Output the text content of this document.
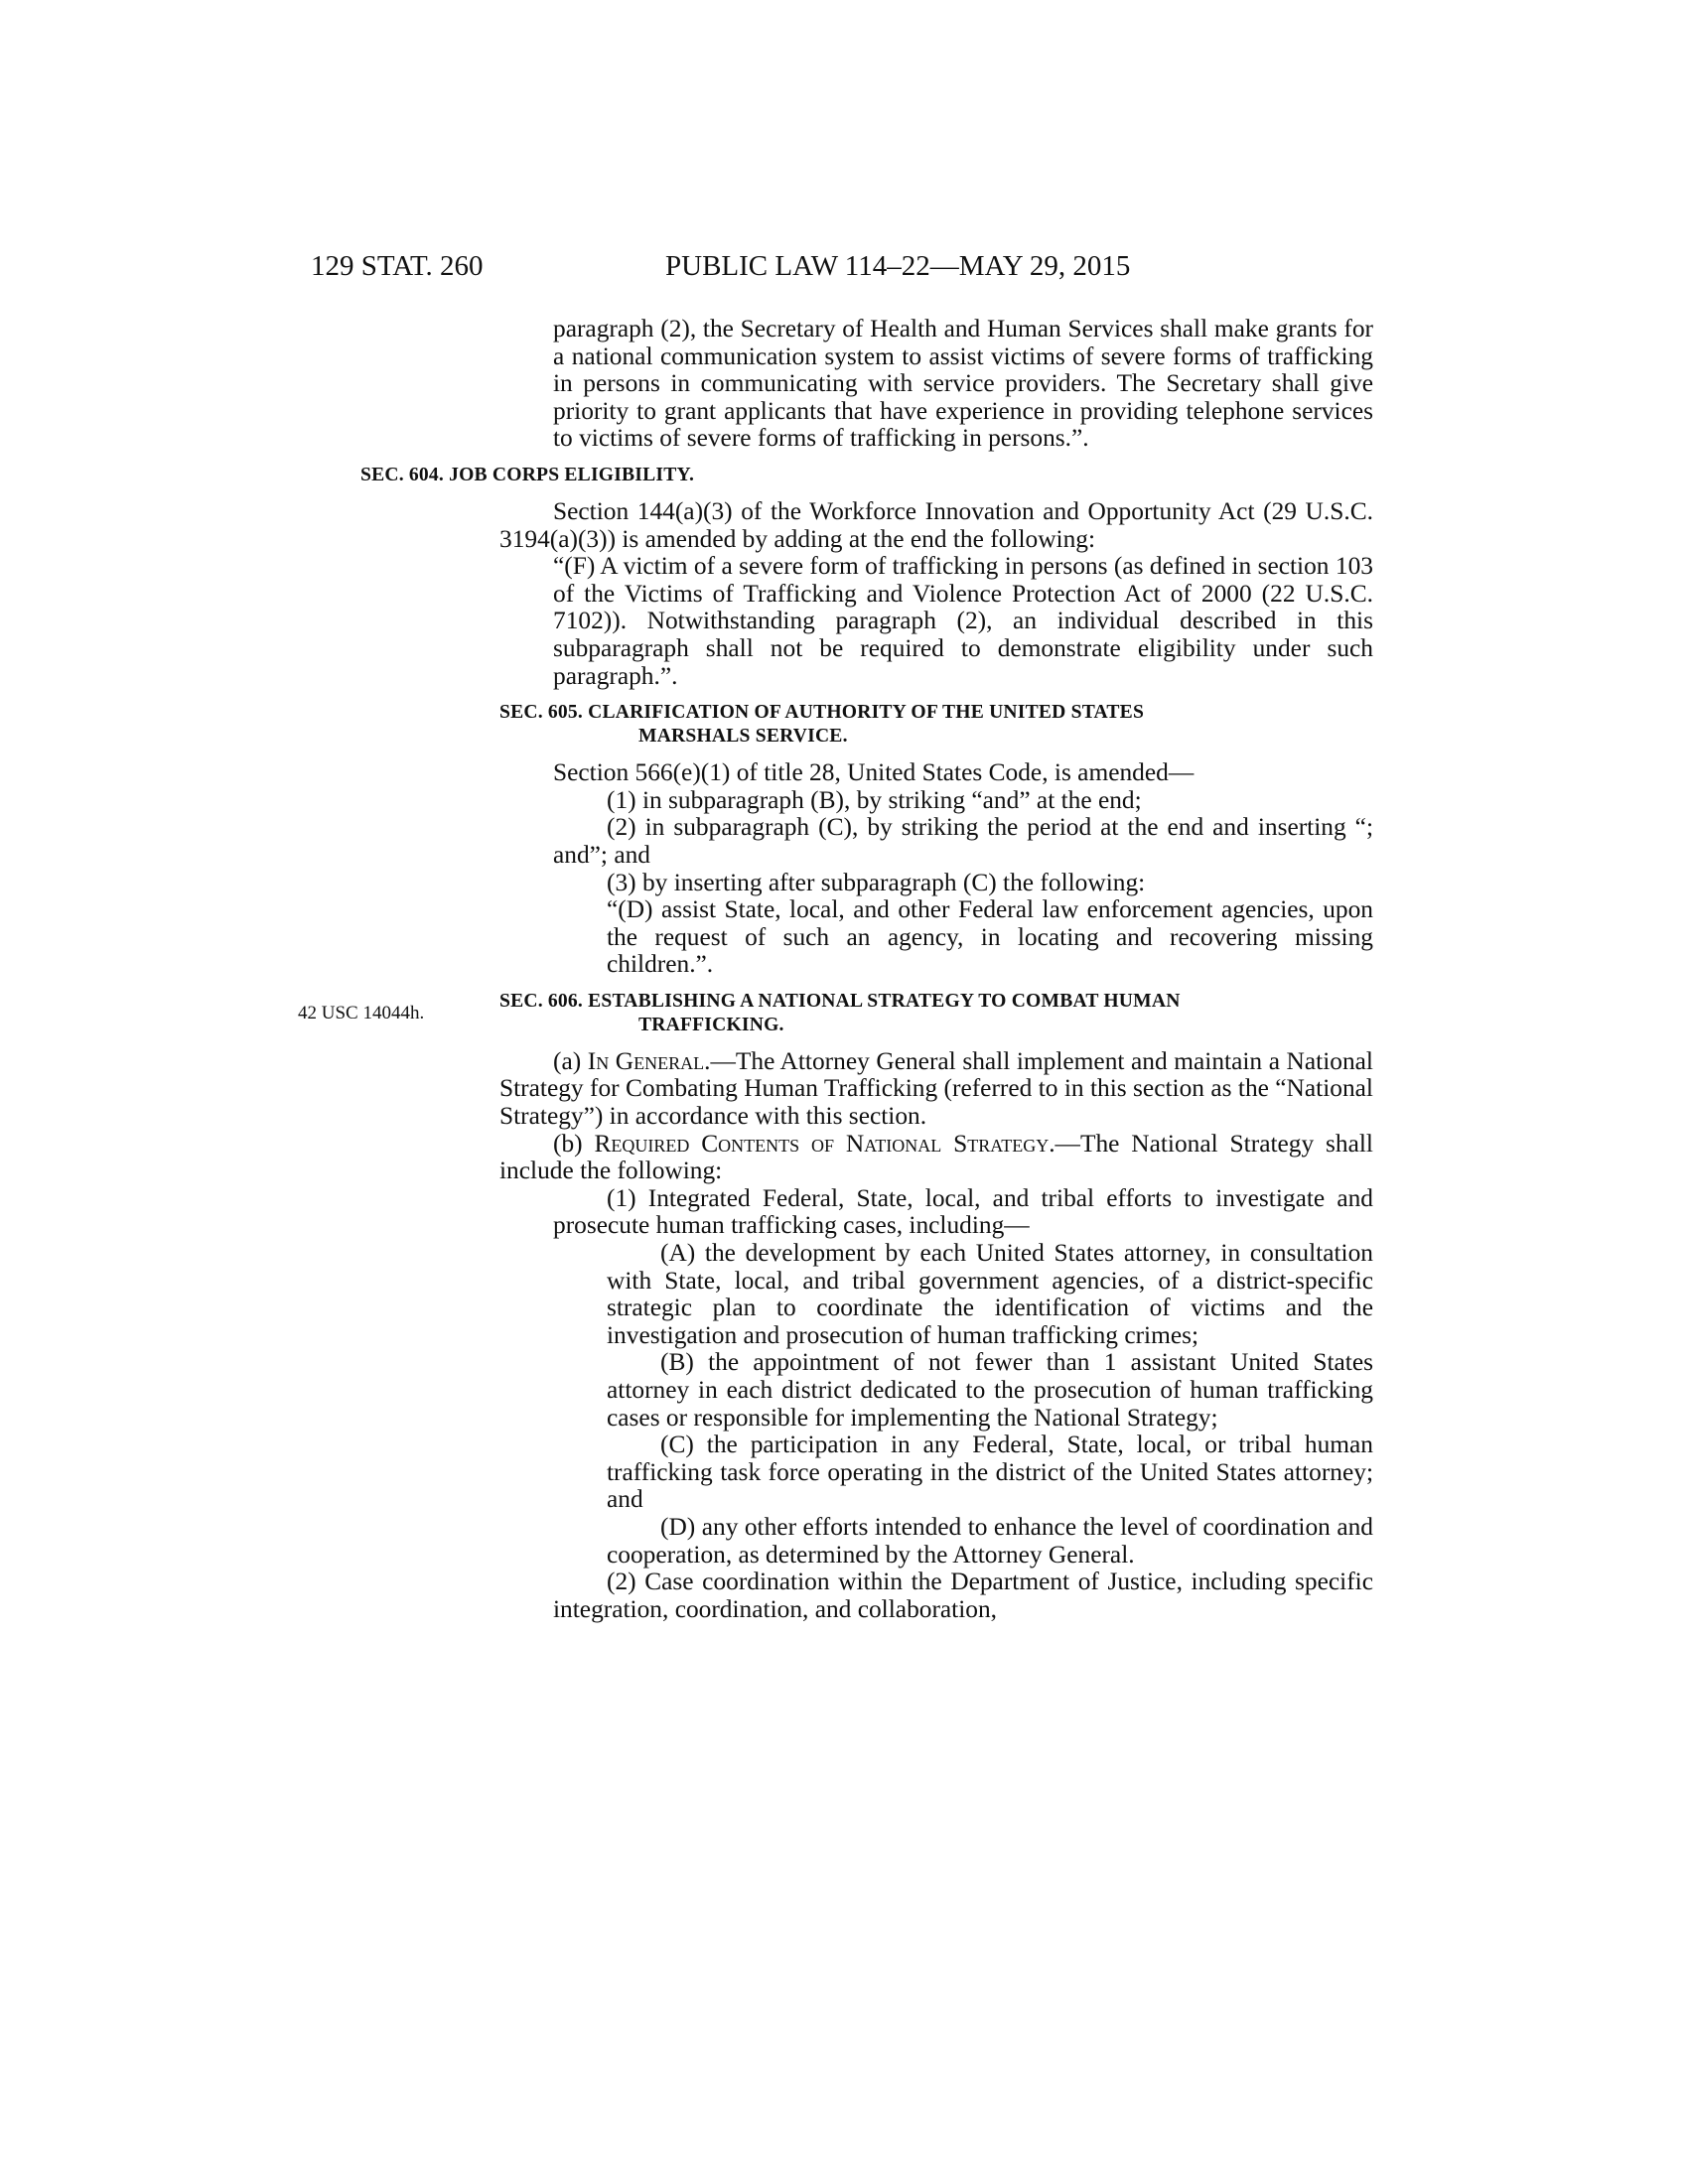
129 STAT. 260	PUBLIC LAW 114–22—MAY 29, 2015

paragraph (2), the Secretary of Health and Human Services shall make grants for a national communication system to assist victims of severe forms of trafficking in persons in communicating with service providers. The Secretary shall give priority to grant applicants that have experience in providing telephone services to victims of severe forms of trafficking in persons.”.

SEC. 604. JOB CORPS ELIGIBILITY.

Section 144(a)(3) of the Workforce Innovation and Opportunity Act (29 U.S.C. 3194(a)(3)) is amended by adding at the end the following:

“(F) A victim of a severe form of trafficking in persons (as defined in section 103 of the Victims of Trafficking and Violence Protection Act of 2000 (22 U.S.C. 7102)). Notwithstanding paragraph (2), an individual described in this subparagraph shall not be required to demonstrate eligibility under such paragraph.”.

SEC. 605. CLARIFICATION OF AUTHORITY OF THE UNITED STATES
MARSHALS SERVICE.

Section 566(e)(1) of title 28, United States Code, is amended—

(1) in subparagraph (B), by striking “and” at the end;

(2) in subparagraph (C), by striking the period at the end and inserting “; and”; and

(3) by inserting after subparagraph (C) the following:

“(D) assist State, local, and other Federal law enforcement agencies, upon the request of such an agency, in locating and recovering missing children.”.

42 USC 14044h.

SEC. 606. ESTABLISHING A NATIONAL STRATEGY TO COMBAT HUMAN
TRAFFICKING.

(a) In General.—The Attorney General shall implement and maintain a National Strategy for Combating Human Trafficking (referred to in this section as the “National Strategy”) in accordance with this section.

(b) Required Contents of National Strategy.—The National Strategy shall include the following:

(1) Integrated Federal, State, local, and tribal efforts to investigate and prosecute human trafficking cases, including—

(A) the development by each United States attorney, in consultation with State, local, and tribal government agencies, of a district-specific strategic plan to coordinate the identification of victims and the investigation and prosecution of human trafficking crimes;

(B) the appointment of not fewer than 1 assistant United States attorney in each district dedicated to the prosecution of human trafficking cases or responsible for implementing the National Strategy;

(C) the participation in any Federal, State, local, or tribal human trafficking task force operating in the district of the United States attorney; and

(D) any other efforts intended to enhance the level of coordination and cooperation, as determined by the Attorney General.

(2) Case coordination within the Department of Justice, including specific integration, coordination, and collaboration,
